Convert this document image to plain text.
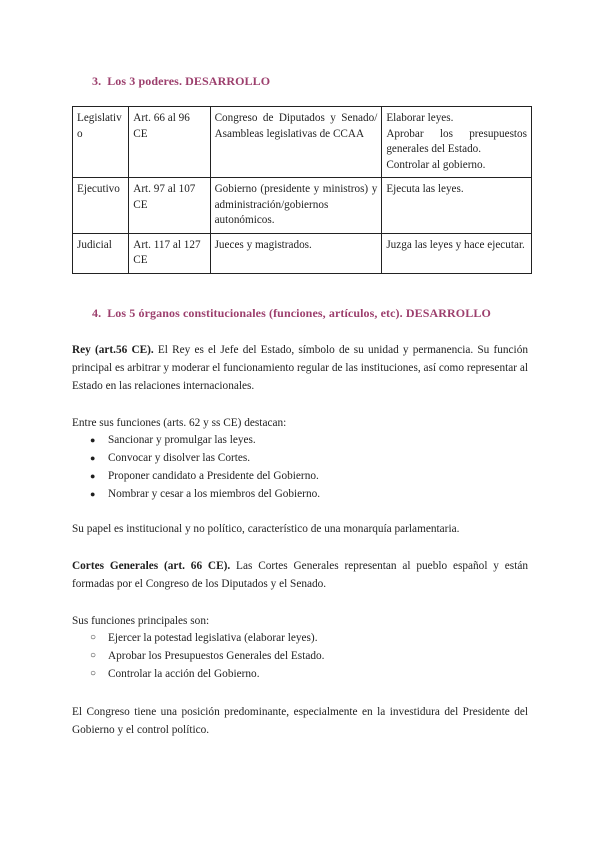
3. Los 3 poderes. DESARROLLO
Legislativo	Art. 66 al 96 CE	Congreso de Diputados y Senado/ Asambleas legislativas de CCAA	Elaborar leyes.
Aprobar los presupuestos generales del Estado.
Controlar al gobierno.

Ejecutivo	Art. 97 al 107 CE	Gobierno (presidente y ministros) y administración/gobiernos autonómicos.	Ejecuta las leyes.

Judicial	Art. 117 al 127 CE	Jueces y magistrados.	Juzga las leyes y hace ejecutar.
4. Los 5 órganos constitucionales (funciones, artículos, etc). DESARROLLO

Rey (art.56 CE). El Rey es el Jefe del Estado, símbolo de su unidad y permanencia. Su función principal es arbitrar y moderar el funcionamiento regular de las instituciones, así como representar al Estado en las relaciones internacionales.

Entre sus funciones (arts. 62 y ss CE) destacan:

● Sancionar y promulgar las leyes.
● Convocar y disolver las Cortes.
● Proponer candidato a Presidente del Gobierno.
● Nombrar y cesar a los miembros del Gobierno.

Su papel es institucional y no político, característico de una monarquía parlamentaria.

Cortes Generales (art. 66 CE). Las Cortes Generales representan al pueblo español y están formadas por el Congreso de los Diputados y el Senado.

Sus funciones principales son:

○ Ejercer la potestad legislativa (elaborar leyes).
○ Aprobar los Presupuestos Generales del Estado.
○ Controlar la acción del Gobierno.

El Congreso tiene una posición predominante, especialmente en la investidura del Presidente del Gobierno y el control político.
